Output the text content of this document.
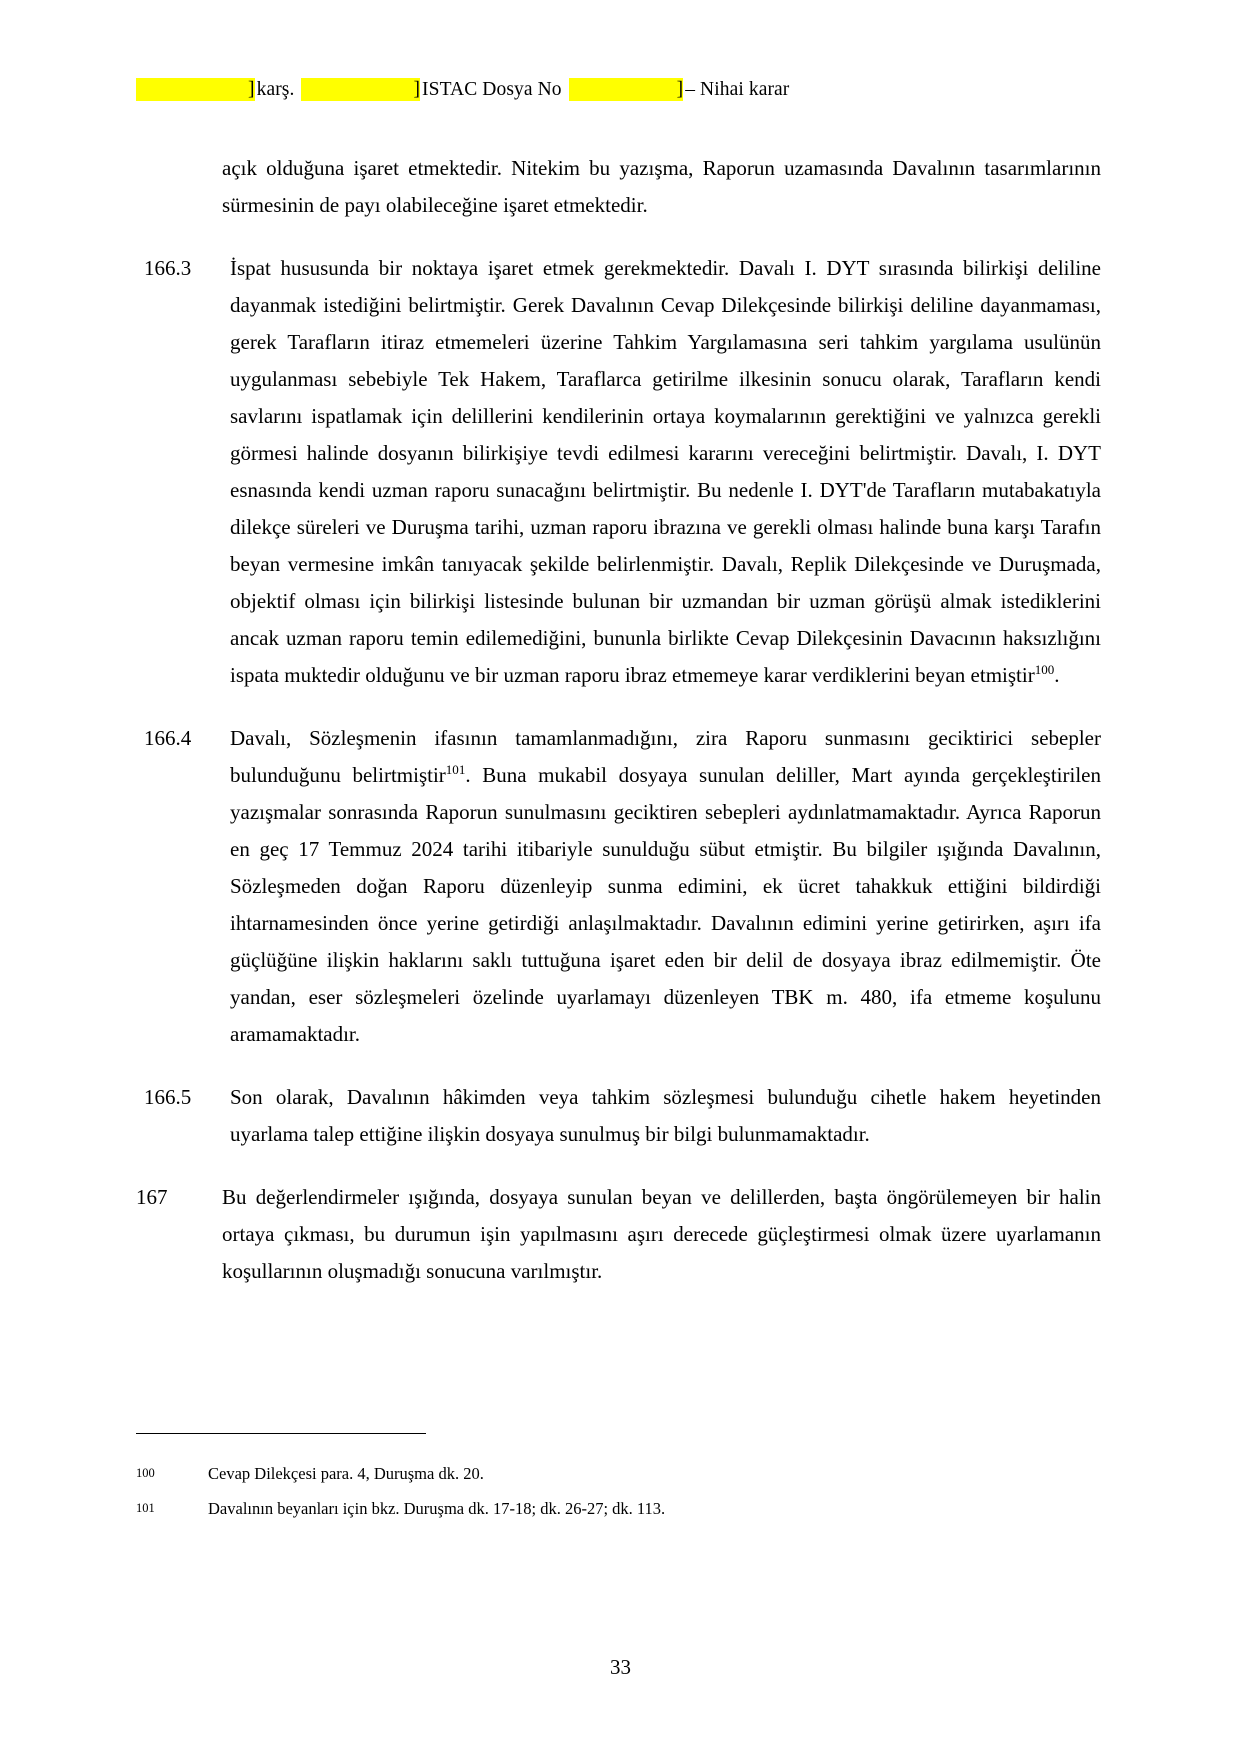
] karş.	] ISTAC Dosya No	] – Nihai karar
açık olduğuna işaret etmektedir. Nitekim bu yazışma, Raporun uzamasında Davalının tasarımlarının sürmesinin de payı olabileceğine işaret etmektedir.
166.3	İspat hususunda bir noktaya işaret etmek gerekmektedir. Davalı I. DYT sırasında bilirkişi deliline dayanmak istediğini belirtmiştir. Gerek Davalının Cevap Dilekçesinde bilirkişi deliline dayanmaması, gerek Tarafların itiraz etmemeleri üzerine Tahkim Yargılamasına seri tahkim yargılama usulünün uygulanması sebebiyle Tek Hakem, Taraflarca getirilme ilkesinin sonucu olarak, Tarafların kendi savlarını ispatlamak için delillerini kendilerinin ortaya koymalarının gerektiğini ve yalnızca gerekli görmesi halinde dosyanın bilirkişiye tevdi edilmesi kararını vereceğini belirtmiştir. Davalı, I. DYT esnasında kendi uzman raporu sunacağını belirtmiştir. Bu nedenle I. DYT'de Tarafların mutabakatıyla dilekçe süreleri ve Duruşma tarihi, uzman raporu ibrazına ve gerekli olması halinde buna karşı Tarafın beyan vermesine imkân tanıyacak şekilde belirlenmiştir. Davalı, Replik Dilekçesinde ve Duruşmada, objektif olması için bilirkişi listesinde bulunan bir uzmandan bir uzman görüşü almak istediklerini ancak uzman raporu temin edilemediğini, bununla birlikte Cevap Dilekçesinin Davacının haksızlığını ispata muktedir olduğunu ve bir uzman raporu ibraz etmemeye karar verdiklerini beyan etmiştir$^{100}$.
166.4	Davalı, Sözleşmenin ifasının tamamlanmadığını, zira Raporu sunmasını geciktirici sebepler bulunduğunu belirtmiştir$^{101}$. Buna mukabil dosyaya sunulan deliller, Mart ayında gerçekleştirilen yazışmalar sonrasında Raporun sunulmasını geciktiren sebepleri aydınlatmamaktadır. Ayrıca Raporun en geç 17 Temmuz 2024 tarihi itibariyle sunulduğu sübut etmiştir. Bu bilgiler ışığında Davalının, Sözleşmeden doğan Raporu düzenleyip sunma edimini, ek ücret tahakkuk ettiğini bildirdiği ihtarnamesinden önce yerine getirdiği anlaşılmaktadır. Davalının edimini yerine getirirken, aşırı ifa güçlüğüne ilişkin haklarını saklı tuttuğuna işaret eden bir delil de dosyaya ibraz edilmemiştir. Öte yandan, eser sözleşmeleri özelinde uyarlamayı düzenleyen TBK m. 480, ifa etmeme koşulunu aramamaktadır.
166.5	Son olarak, Davalının hâkimden veya tahkim sözleşmesi bulunduğu cihetle hakem heyetinden uyarlama talep ettiğine ilişkin dosyaya sunulmuş bir bilgi bulunmamaktadır.
167	Bu değerlendirmeler ışığında, dosyaya sunulan beyan ve delillerden, başta öngörülemeyen bir halin ortaya çıkması, bu durumun işin yapılmasını aşırı derecede güçleştirmesi olmak üzere uyarlamanın koşullarının oluşmadığı sonucuna varılmıştır.
100	Cevap Dilekçesi para. 4, Duruşma dk. 20.
101	Davalının beyanları için bkz. Duruşma dk. 17-18; dk. 26-27; dk. 113.
33
